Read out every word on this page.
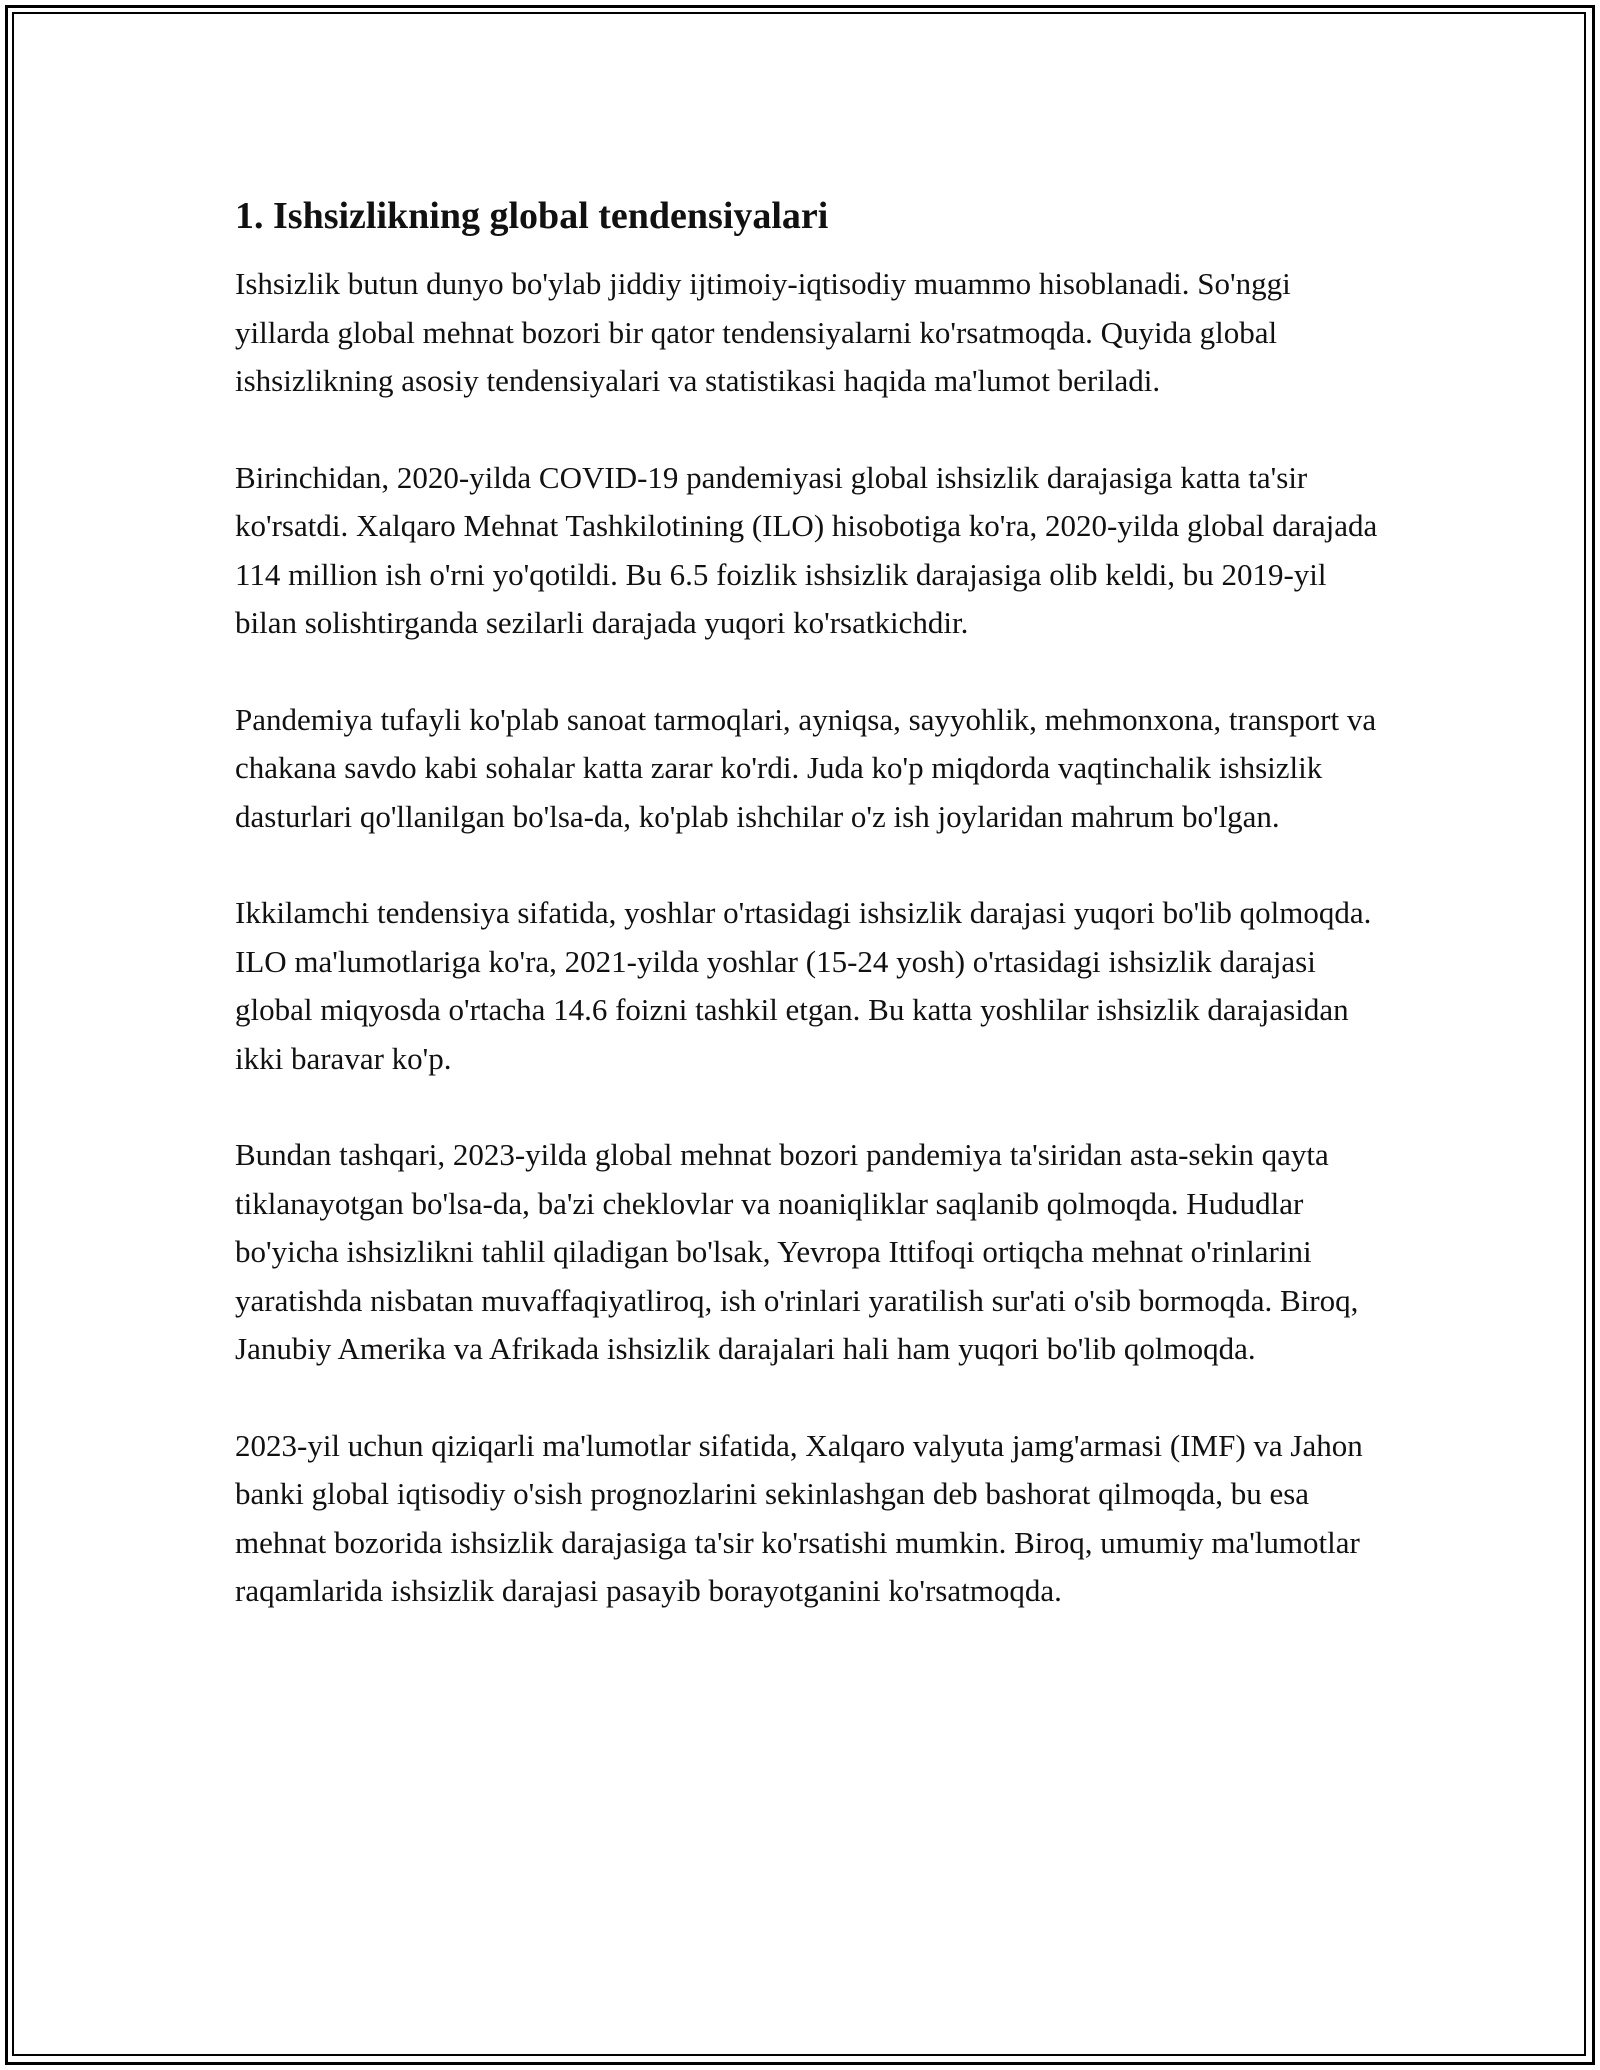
1. Ishsizlikning global tendensiyalari

Ishsizlik butun dunyo bo'ylab jiddiy ijtimoiy-iqtisodiy muammo hisoblanadi. So'nggi yillarda global mehnat bozori bir qator tendensiyalarni ko'rsatmoqda. Quyida global ishsizlikning asosiy tendensiyalari va statistikasi haqida ma'lumot beriladi.

Birinchidan, 2020-yilda COVID-19 pandemiyasi global ishsizlik darajasiga katta ta'sir ko'rsatdi. Xalqaro Mehnat Tashkilotining (ILO) hisobotiga ko'ra, 2020-yilda global darajada 114 million ish o'rni yo'qotildi. Bu 6.5 foizlik ishsizlik darajasiga olib keldi, bu 2019-yil bilan solishtirganda sezilarli darajada yuqori ko'rsatkichdir.

Pandemiya tufayli ko'plab sanoat tarmoqlari, ayniqsa, sayyohlik, mehmonxona, transport va chakana savdo kabi sohalar katta zarar ko'rdi. Juda ko'p miqdorda vaqtinchalik ishsizlik dasturlari qo'llanilgan bo'lsa-da, ko'plab ishchilar o'z ish joylaridan mahrum bo'lgan.

Ikkilamchi tendensiya sifatida, yoshlar o'rtasidagi ishsizlik darajasi yuqori bo'lib qolmoqda. ILO ma'lumotlariga ko'ra, 2021-yilda yoshlar (15-24 yosh) o'rtasidagi ishsizlik darajasi global miqyosda o'rtacha 14.6 foizni tashkil etgan. Bu katta yoshlilar ishsizlik darajasidan ikki baravar ko'p.

Bundan tashqari, 2023-yilda global mehnat bozori pandemiya ta'siridan asta-sekin qayta tiklanayotgan bo'lsa-da, ba'zi cheklovlar va noaniqliklar saqlanib qolmoqda. Hududlar bo'yicha ishsizlikni tahlil qiladigan bo'lsak, Yevropa Ittifoqi ortiqcha mehnat o'rinlarini yaratishda nisbatan muvaffaqiyatliroq, ish o'rinlari yaratilish sur'ati o'sib bormoqda. Biroq, Janubiy Amerika va Afrikada ishsizlik darajalari hali ham yuqori bo'lib qolmoqda.

2023-yil uchun qiziqarli ma'lumotlar sifatida, Xalqaro valyuta jamg'armasi (IMF) va Jahon banki global iqtisodiy o'sish prognozlarini sekinlashgan deb bashorat qilmoqda, bu esa mehnat bozorida ishsizlik darajasiga ta'sir ko'rsatishi mumkin. Biroq, umumiy ma'lumotlar raqamlarida ishsizlik darajasi pasayib borayotganini ko'rsatmoqda.
